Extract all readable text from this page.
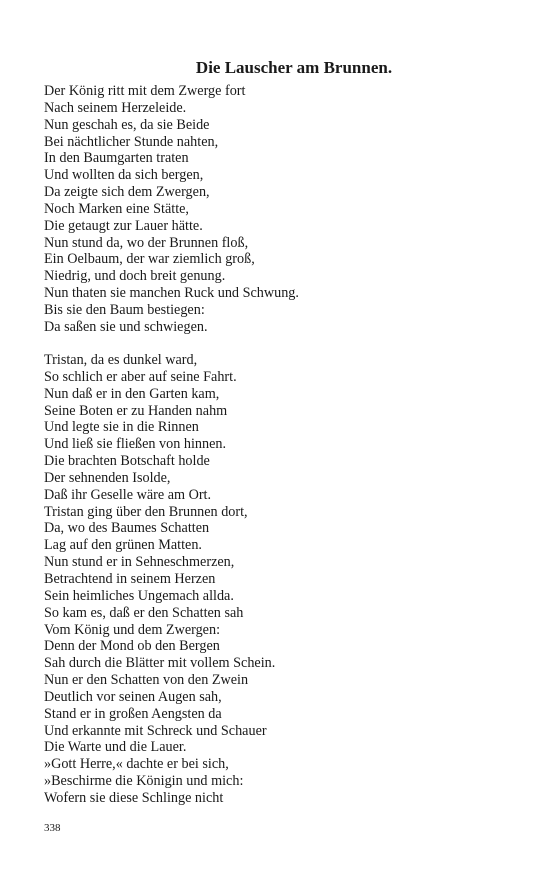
Die Lauscher am Brunnen.

Der König ritt mit dem Zwerge fort

Nach seinem Herzeleide.

Nun geschah es, da sie Beide

Bei nächtlicher Stunde nahten,

In den Baumgarten traten

Und wollten da sich bergen,

Da zeigte sich dem Zwergen,

Noch Marken eine Stätte,

Die getaugt zur Lauer hätte.

Nun stund da, wo der Brunnen floß,

Ein Oelbaum, der war ziemlich groß,

Niedrig, und doch breit genung.

Nun thaten sie manchen Ruck und Schwung.

Bis sie den Baum bestiegen:

Da saßen sie und schwiegen.

Tristan, da es dunkel ward,

So schlich er aber auf seine Fahrt.

Nun daß er in den Garten kam,

Seine Boten er zu Handen nahm

Und legte sie in die Rinnen

Und ließ sie fließen von hinnen.

Die brachten Botschaft holde

Der sehnenden Isolde,

Daß ihr Geselle wäre am Ort.

Tristan ging über den Brunnen dort,

Da, wo des Baumes Schatten

Lag auf den grünen Matten.

Nun stund er in Sehneschmerzen,

Betrachtend in seinem Herzen

Sein heimliches Ungemach allda.

So kam es, daß er den Schatten sah

Vom König und dem Zwergen:

Denn der Mond ob den Bergen

Sah durch die Blätter mit vollem Schein.

Nun er den Schatten von den Zwein

Deutlich vor seinen Augen sah,

Stand er in großen Aengsten da

Und erkannte mit Schreck und Schauer

Die Warte und die Lauer.

»Gott Herre,« dachte er bei sich,

»Beschirme die Königin und mich:

Wofern sie diese Schlinge nicht

338
